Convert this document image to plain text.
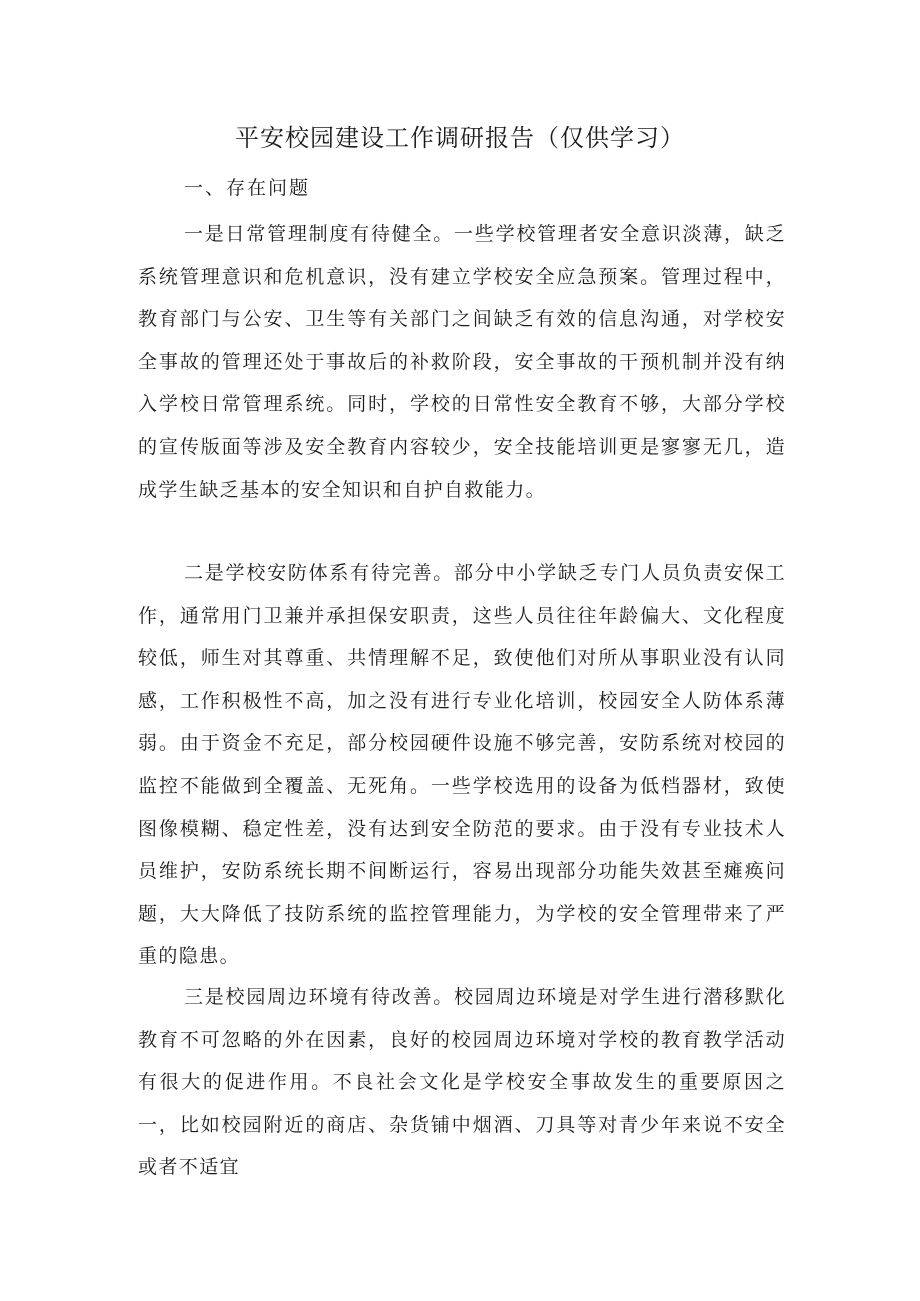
平安校园建设工作调研报告（仅供学习）
一、存在问题

一是日常管理制度有待健全。一些学校管理者安全意识淡薄，缺乏系统管理意识和危机意识，没有建立学校安全应急预案。管理过程中，教育部门与公安、卫生等有关部门之间缺乏有效的信息沟通，对学校安全事故的管理还处于事故后的补救阶段，安全事故的干预机制并没有纳入学校日常管理系统。同时，学校的日常性安全教育不够，大部分学校的宣传版面等涉及安全教育内容较少，安全技能培训更是寥寥无几，造成学生缺乏基本的安全知识和自护自救能力。

二是学校安防体系有待完善。部分中小学缺乏专门人员负责安保工作，通常用门卫兼并承担保安职责，这些人员往往年龄偏大、文化程度较低，师生对其尊重、共情理解不足，致使他们对所从事职业没有认同感，工作积极性不高，加之没有进行专业化培训，校园安全人防体系薄弱。由于资金不充足，部分校园硬件设施不够完善，安防系统对校园的监控不能做到全覆盖、无死角。一些学校选用的设备为低档器材，致使图像模糊、稳定性差，没有达到安全防范的要求。由于没有专业技术人员维护，安防系统长期不间断运行，容易出现部分功能失效甚至瘫痪问题，大大降低了技防系统的监控管理能力，为学校的安全管理带来了严重的隐患。

三是校园周边环境有待改善。校园周边环境是对学生进行潜移默化教育不可忽略的外在因素，良好的校园周边环境对学校的教育教学活动有很大的促进作用。不良社会文化是学校安全事故发生的重要原因之一，比如校园附近的商店、杂货铺中烟酒、刀具等对青少年来说不安全或者不适宜
